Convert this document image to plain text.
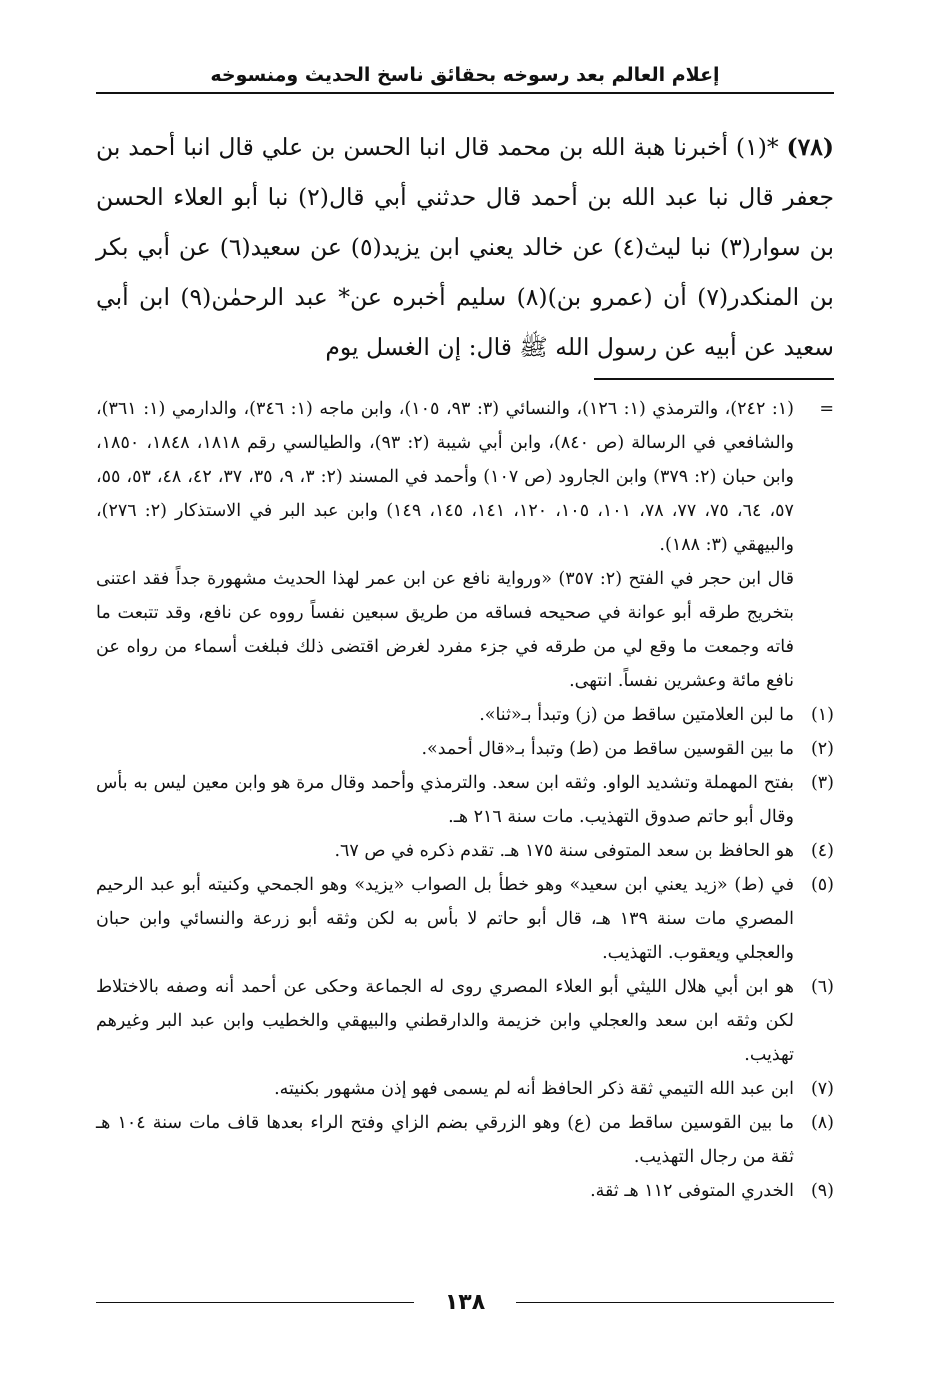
إعلام العالم بعد رسوخه بحقائق ناسخ الحديث ومنسوخه
(٧٨) *(١) أخبرنا هبة الله بن محمد قال انبا الحسن بن علي قال انبا أحمد بن جعفر قال نبا عبد الله بن أحمد قال حدثني أبي قال(٢) نبا أبو العلاء الحسن بن سوار(٣) نبا ليث(٤) عن خالد يعني ابن يزيد(٥) عن سعيد(٦) عن أبي بكر بن المنكدر(٧) أن (عمرو بن)(٨) سليم أخبره عن* عبد الرحمٰن(٩) ابن أبي سعيد عن أبيه عن رسول الله ﷺ قال: إن الغسل يوم
=
(١: ٢٤٢)، والترمذي (١: ١٢٦)، والنسائي (٣: ٩٣، ١٠٥)، وابن ماجه (١: ٣٤٦)، والدارمي (١: ٣٦١)، والشافعي في الرسالة (ص ٨٤٠)، وابن أبي شيبة (٢: ٩٣)، والطيالسي رقم ١٨١٨، ١٨٤٨، ١٨٥٠، وابن حبان (٢: ٣٧٩) وابن الجارود (ص ١٠٧) وأحمد في المسند (٢: ٣، ٩، ٣٥، ٣٧، ٤٢، ٤٨، ٥٣، ٥٥، ٥٧، ٦٤، ٧٥، ٧٧، ٧٨، ١٠١، ١٠٥، ١٢٠، ١٤١، ١٤٥، ١٤٩) وابن عبد البر في الاستذكار (٢: ٢٧٦)، والبيهقي (٣: ١٨٨).
قال ابن حجر في الفتح (٢: ٣٥٧) «ورواية نافع عن ابن عمر لهذا الحديث مشهورة جداً فقد اعتنى بتخريج طرقه أبو عوانة في صحيحه فساقه من طريق سبعين نفساً رووه عن نافع، وقد تتبعت ما فاته وجمعت ما وقع لي من طرقه في جزء مفرد لغرض اقتضى ذلك فبلغت أسماء من رواه عن نافع مائة وعشرين نفساً. انتهى.
(١)
ما لبن العلامتين ساقط من (ز) وتبدأ بـ«ثنا».
(٢)
ما بين القوسين ساقط من (ط) وتبدأ بـ«قال أحمد».
(٣)
بفتح المهملة وتشديد الواو. وثقه ابن سعد. والترمذي وأحمد وقال مرة هو وابن معين ليس به بأس وقال أبو حاتم صدوق التهذيب. مات سنة ٢١٦ هـ.
(٤)
هو الحافظ بن سعد المتوفى سنة ١٧٥ هـ. تقدم ذكره في ص ٦٧.
(٥)
في (ط) «زيد يعني ابن سعيد» وهو خطأ بل الصواب «يزيد» وهو الجمحي وكنيته أبو عبد الرحيم المصري مات سنة ١٣٩ هـ، قال أبو حاتم لا بأس به لكن وثقه أبو زرعة والنسائي وابن حبان والعجلي ويعقوب. التهذيب.
(٦)
هو ابن أبي هلال الليثي أبو العلاء المصري روى له الجماعة وحكى عن أحمد أنه وصفه بالاختلاط لكن وثقه ابن سعد والعجلي وابن خزيمة والدارقطني والبيهقي والخطيب وابن عبد البر وغيرهم تهذيب.
(٧)
ابن عبد الله التيمي ثقة ذكر الحافظ أنه لم يسمى فهو إذن مشهور بكنيته.
(٨)
ما بين القوسين ساقط من (ع) وهو الزرقي بضم الزاي وفتح الراء بعدها قاف مات سنة ١٠٤ هـ ثقة من رجال التهذيب.
(٩)
الخدري المتوفى ١١٢ هـ ثقة.
١٣٨
